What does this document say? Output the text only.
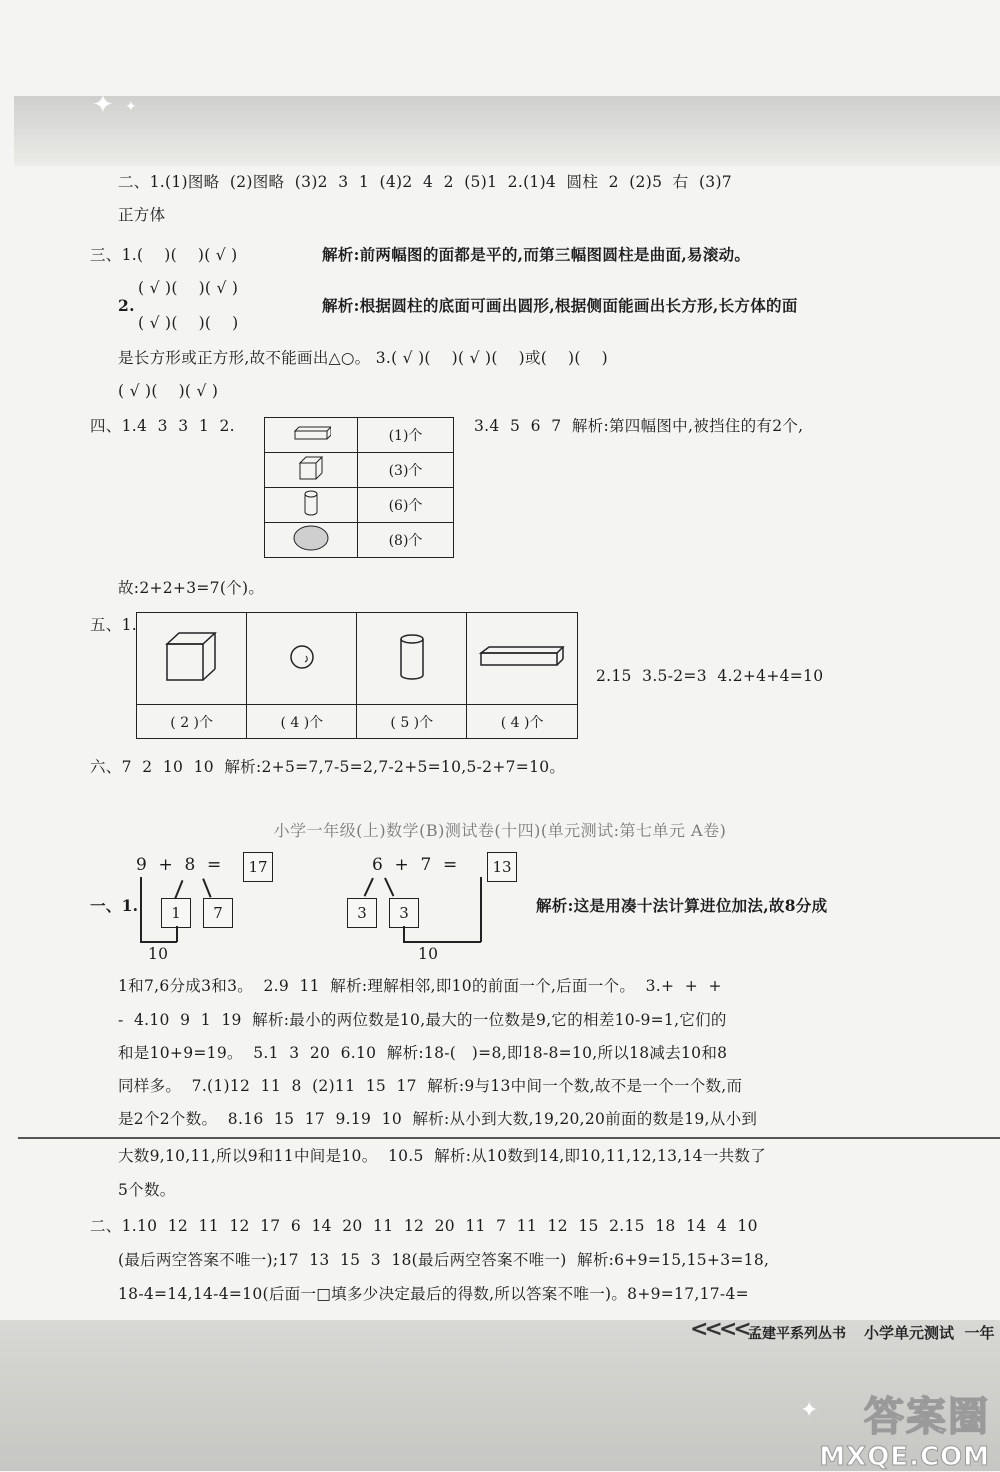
✦ ✦
二、1.(1)图略  (2)图略  (3)2  3  1  (4)2  4  2  (5)1  2.(1)4  圆柱  2  (2)5  右  (3)7
正方体
三、1.(    )(    )( √ )	解析:前两幅图的面都是平的,而第三幅图圆柱是曲面,易滚动。
( √ )(    )( √ )
2.
( √ )(    )(    )
解析:根据圆柱的底面可画出圆形,根据侧面能画出长方形,长方体的面
是长方形或正方形,故不能画出△○。 3.( √ )(    )( √ )(    )或(    )(    )
( √ )(    )( √ )
四、1.4  3  3  1  2.
	(1)个
	(3)个
	(6)个
	(8)个
3.4  5  6  7  解析:第四幅图中,被挡住的有2个,
故:2+2+3=7(个)。
五、1.

( 2 )个	( 4 )个	( 5 )个	( 4 )个
2.15  3.5-2=3  4.2+4+4=10
六、7  2  10  10  解析:2+5=7,7-5=2,7-2+5=10,5-2+7=10。
小学一年级(上)数学(B)测试卷(十四)(单元测试:第七单元 A卷)
9  +  8  =	17
1	7
10
一、1.
6  +  7  =	13
3	3
10
解析:这是用凑十法计算进位加法,故8分成
1和7,6分成3和3。  2.9  11  解析:理解相邻,即10的前面一个,后面一个。  3.+  +  +
-  4.10  9  1  19  解析:最小的两位数是10,最大的一位数是9,它的相差10-9=1,它们的
和是10+9=19。  5.1  3  20  6.10  解析:18-(   )=8,即18-8=10,所以18减去10和8
同样多。  7.(1)12  11  8  (2)11  15  17  解析:9与13中间一个数,故不是一个一个数,而
是2个2个数。  8.16  15  17  9.19  10  解析:从小到大数,19,20,20前面的数是19,从小到
大数9,10,11,所以9和11中间是10。  10.5  解析:从10数到14,即10,11,12,13,14一共数了
5个数。
二、1.10  12  11  12  17  6  14  20  11  12  20  11  7  11  12  15  2.15  18  14  4  10
(最后两空答案不唯一);17  13  15  3  18(最后两空答案不唯一)  解析:6+9=15,15+3=18,
18-4=14,14-4=10(后面一□填多少决定最后的得数,所以答案不唯一)。8+9=17,17-4=
<<<< 孟建平系列丛书 小学单元测试  一年
✦	答案圈
MXQE.COM
